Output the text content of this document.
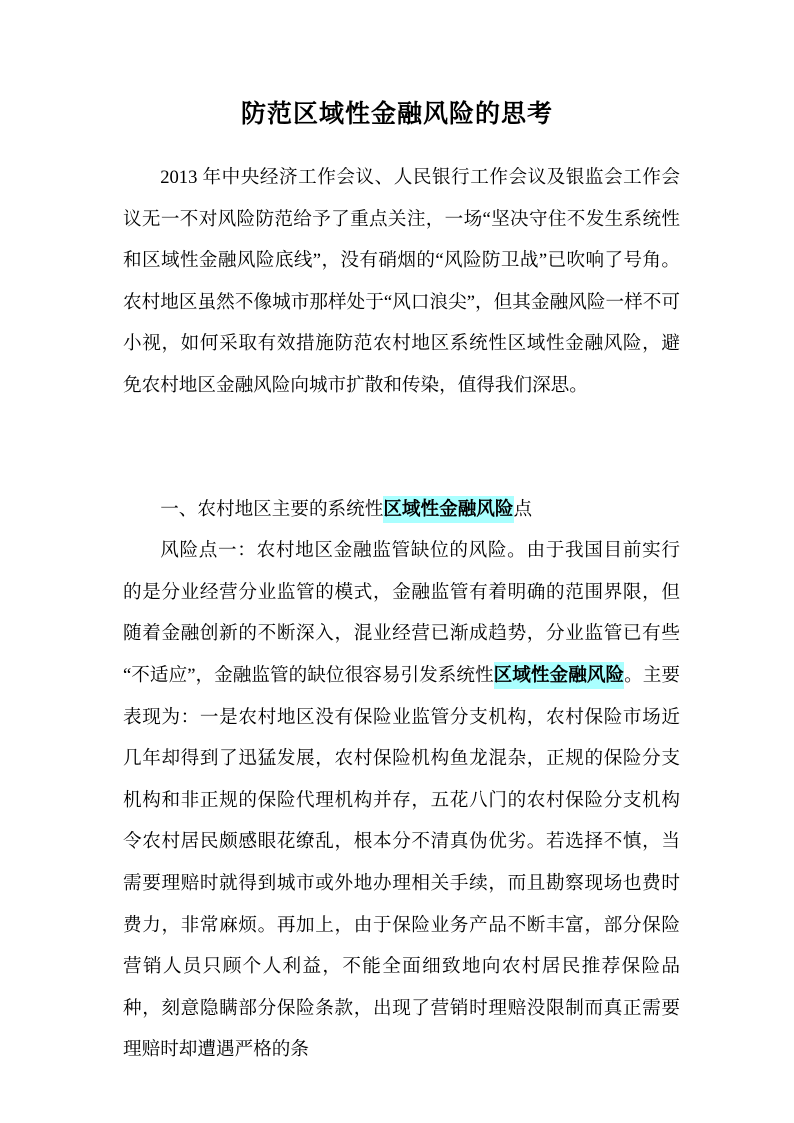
防范区域性金融风险的思考

2013 年中央经济工作会议、人民银行工作会议及银监会工作会议无一不对风险防范给予了重点关注，一场“坚决守住不发生系统性和区域性金融风险底线”，没有硝烟的“风险防卫战”已吹响了号角。农村地区虽然不像城市那样处于“风口浪尖”，但其金融风险一样不可小视，如何采取有效措施防范农村地区系统性区域性金融风险，避免农村地区金融风险向城市扩散和传染，值得我们深思。

一、农村地区主要的系统性区域性金融风险点

风险点一：农村地区金融监管缺位的风险。由于我国目前实行的是分业经营分业监管的模式，金融监管有着明确的范围界限，但随着金融创新的不断深入，混业经营已渐成趋势，分业监管已有些“不适应”，金融监管的缺位很容易引发系统性区域性金融风险。主要表现为：一是农村地区没有保险业监管分支机构，农村保险市场近几年却得到了迅猛发展，农村保险机构鱼龙混杂，正规的保险分支机构和非正规的保险代理机构并存，五花八门的农村保险分支机构令农村居民颇感眼花缭乱，根本分不清真伪优劣。若选择不慎，当需要理赔时就得到城市或外地办理相关手续，而且勘察现场也费时费力，非常麻烦。再加上，由于保险业务产品不断丰富，部分保险营销人员只顾个人利益，不能全面细致地向农村居民推荐保险品种，刻意隐瞒部分保险条款，出现了营销时理赔没限制而真正需要理赔时却遭遇严格的条
